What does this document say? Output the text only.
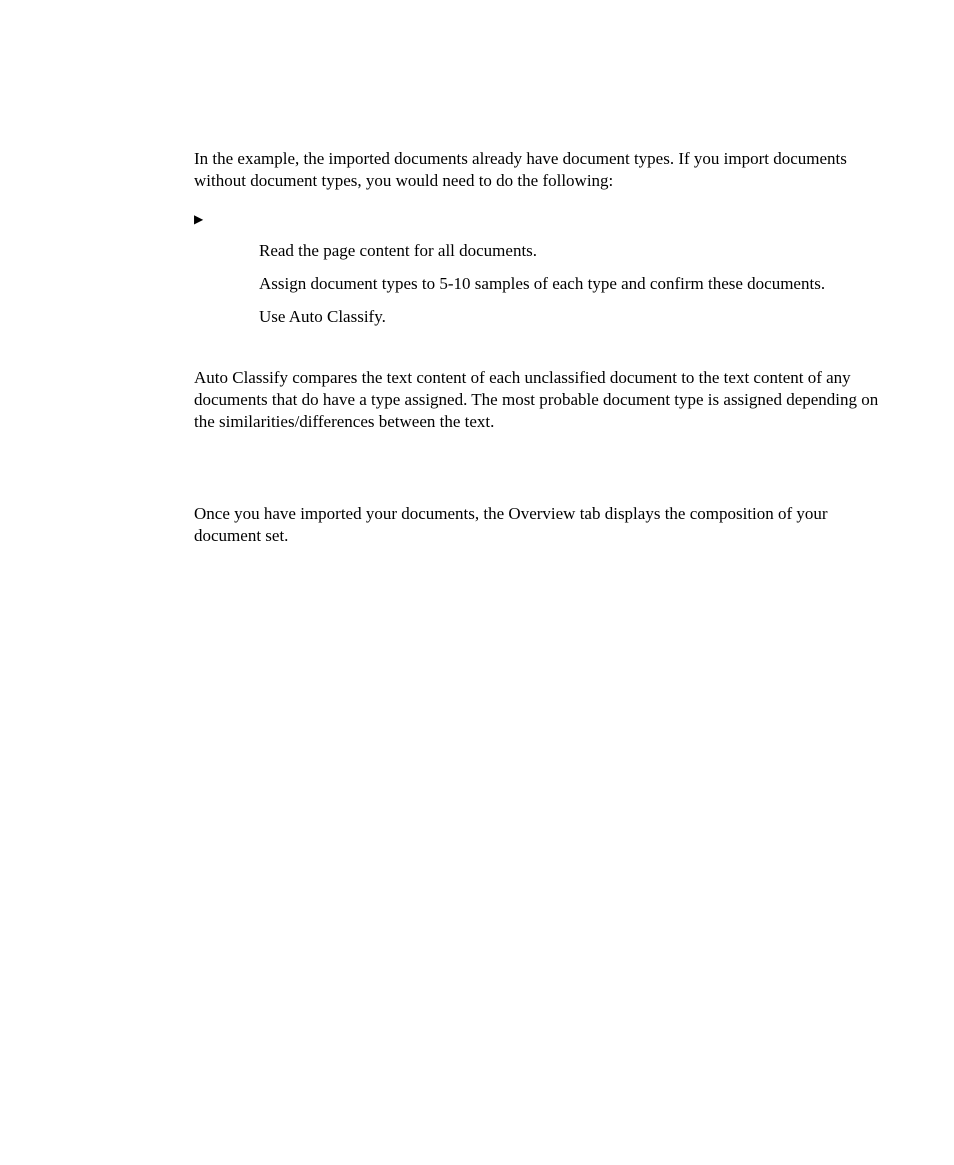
In the example, the imported documents already have document types. If you import documents without document types, you would need to do the following:

▶
Read the page content for all documents.
Assign document types to 5-10 samples of each type and confirm these documents.
Use Auto Classify.

Auto Classify compares the text content of each unclassified document to the text content of any documents that do have a type assigned. The most probable document type is assigned depending on the similarities/differences between the text.

Once you have imported your documents, the Overview tab displays the composition of your document set.
